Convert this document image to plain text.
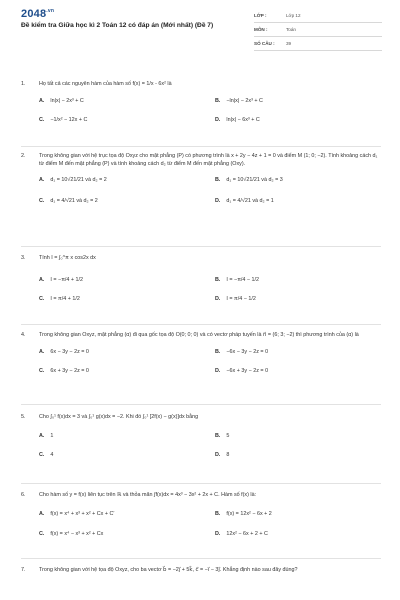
$2048^{.vn}$
Đề kiểm tra Giữa học kì 2 Toán 12 có đáp án (Mới nhất) (Đề 7)
LỚP :	Lớp 12
MÔN :	Toán
SỐ CÂU :	39
1.	Họ tất cả các nguyên hàm của hàm số f(x) = 1/x - 6x² là
A. ln|x| − 2x³ + C	B. −ln|x| − 2x³ + C
C. −1/x² − 12x + C	D. ln|x| − 6x³ + C
2.	Trong không gian với hệ trục tọa độ Oxyz cho mặt phẳng (P) có phương trình là x + 2y − 4z + 1 = 0 và điểm M (1; 0; −2). Tính khoảng cách d₁ từ điểm M đến mặt phẳng (P) và tính khoảng cách d₂ từ điểm M đến mặt phẳng (Oxy).
A. d₁ = 10√21/21 và d₂ = 2	B. d₁ = 10√21/21 và d₂ = 3
C. d₁ = 4/√21 và d₂ = 2	D. d₁ = 4/√21 và d₂ = 1
3.	Tính I = ∫₀^π x cos2x dx
A. I = −π/4 + 1/2	B. I = −π/4 − 1/2
C. I = π/4 + 1/2	D. I = π/4 − 1/2
4.	Trong không gian Oxyz, mặt phẳng (α) đi qua gốc tọa độ O(0; 0; 0) và có vectơ pháp tuyến là n⃗ = (6; 3; −2) thì phương trình của (α) là
A. 6x − 3y − 2z = 0	B. −6x − 3y − 2z = 0
C. 6x + 3y − 2z = 0	D. −6x + 3y − 2z = 0
5.	Cho ∫₀¹ f(x)dx = 3 và ∫₀¹ g(x)dx = −2. Khi đó ∫₀¹ [2f(x) − g(x)]dx bằng
A. 1	B. 5
C. 4	D. 8
6.	Cho hàm số y = f(x) liên tục trên ℝ và thỏa mãn ∫f(x)dx = 4x³ − 3x² + 2x + C. Hàm số f(x) là:
A. f(x) = x⁴ + x³ + x² + Cx + C′	B. f(x) = 12x² − 6x + 2
C. f(x) = x⁴ − x³ + x² + Cx	D. 12x² − 6x + 2 + C
7.	Trong không gian với hệ tọa độ Oxyz, cho ba vectơ b⃗ = −2j⃗ + 5k⃗, c⃗ = −i⃗ − 3j⃗. Khẳng định nào sau đây đúng?
